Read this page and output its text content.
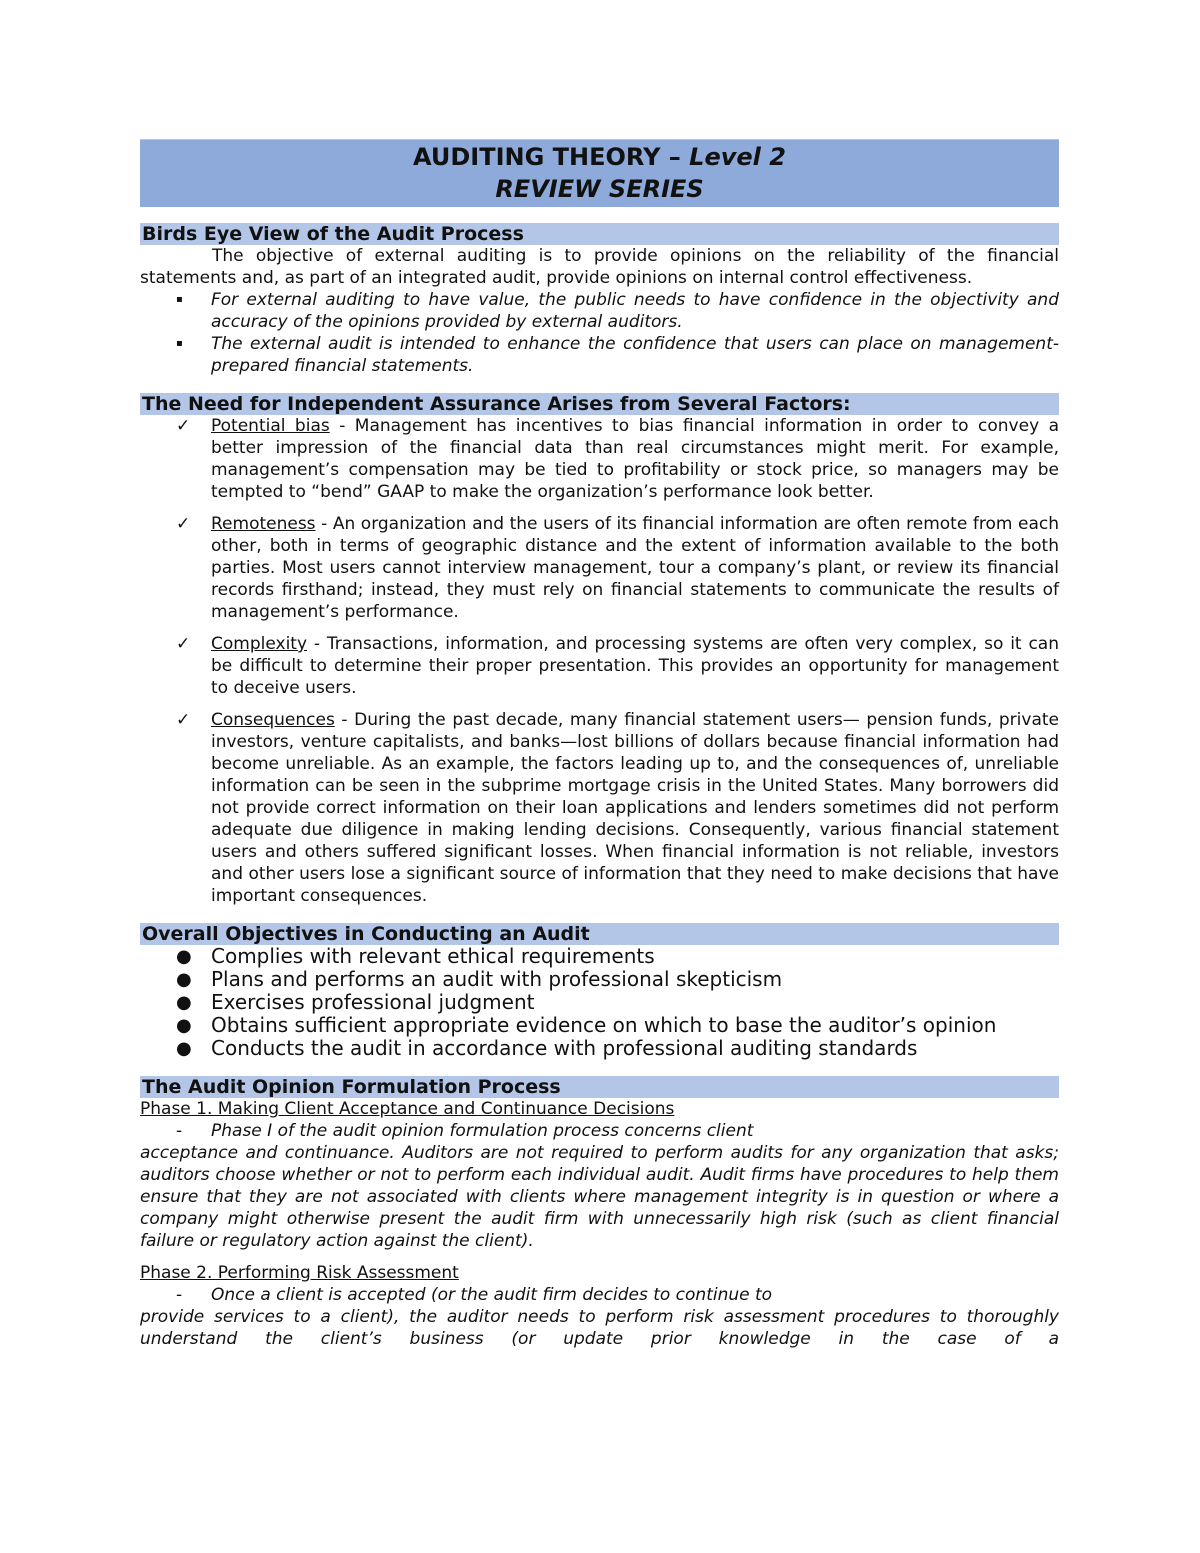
AUDITING THEORY – Level 2
REVIEW SERIES
Birds Eye View of the Audit Process
The objective of external auditing is to provide opinions on the reliability of the financial statements and, as part of an integrated audit, provide opinions on internal control effectiveness.
▪ For external auditing to have value, the public needs to have confidence in the objectivity and accuracy of the opinions provided by external auditors.
▪ The external audit is intended to enhance the confidence that users can place on management-prepared financial statements.
The Need for Independent Assurance Arises from Several Factors:
✓ Potential bias - Management has incentives to bias financial information in order to convey a better impression of the financial data than real circumstances might merit. For example, management’s compensation may be tied to profitability or stock price, so managers may be tempted to “bend” GAAP to make the organization’s performance look better.
✓ Remoteness - An organization and the users of its financial information are often remote from each other, both in terms of geographic distance and the extent of information available to the both parties. Most users cannot interview management, tour a company’s plant, or review its financial records firsthand; instead, they must rely on financial statements to communicate the results of management’s performance.
✓ Complexity - Transactions, information, and processing systems are often very complex, so it can be difficult to determine their proper presentation. This provides an opportunity for management to deceive users.
✓ Consequences - During the past decade, many financial statement users— pension funds, private investors, venture capitalists, and banks—lost billions of dollars because financial information had become unreliable. As an example, the factors leading up to, and the consequences of, unreliable information can be seen in the subprime mortgage crisis in the United States. Many borrowers did not provide correct information on their loan applications and lenders sometimes did not perform adequate due diligence in making lending decisions. Consequently, various financial statement users and others suffered significant losses. When financial information is not reliable, investors and other users lose a significant source of information that they need to make decisions that have important consequences.
Overall Objectives in Conducting an Audit
● Complies with relevant ethical requirements
● Plans and performs an audit with professional skepticism
● Exercises professional judgment
● Obtains sufficient appropriate evidence on which to base the auditor’s opinion
● Conducts the audit in accordance with professional auditing standards
The Audit Opinion Formulation Process
Phase 1. Making Client Acceptance and Continuance Decisions
- Phase I of the audit opinion formulation process concerns client
acceptance and continuance. Auditors are not required to perform audits for any organization that asks; auditors choose whether or not to perform each individual audit. Audit firms have procedures to help them ensure that they are not associated with clients where management integrity is in question or where a company might otherwise present the audit firm with unnecessarily high risk (such as client financial failure or regulatory action against the client).
Phase 2. Performing Risk Assessment
- Once a client is accepted (or the audit firm decides to continue to
provide services to a client), the auditor needs to perform risk assessment procedures to thoroughly understand the client’s business (or update prior knowledge in the case of a
